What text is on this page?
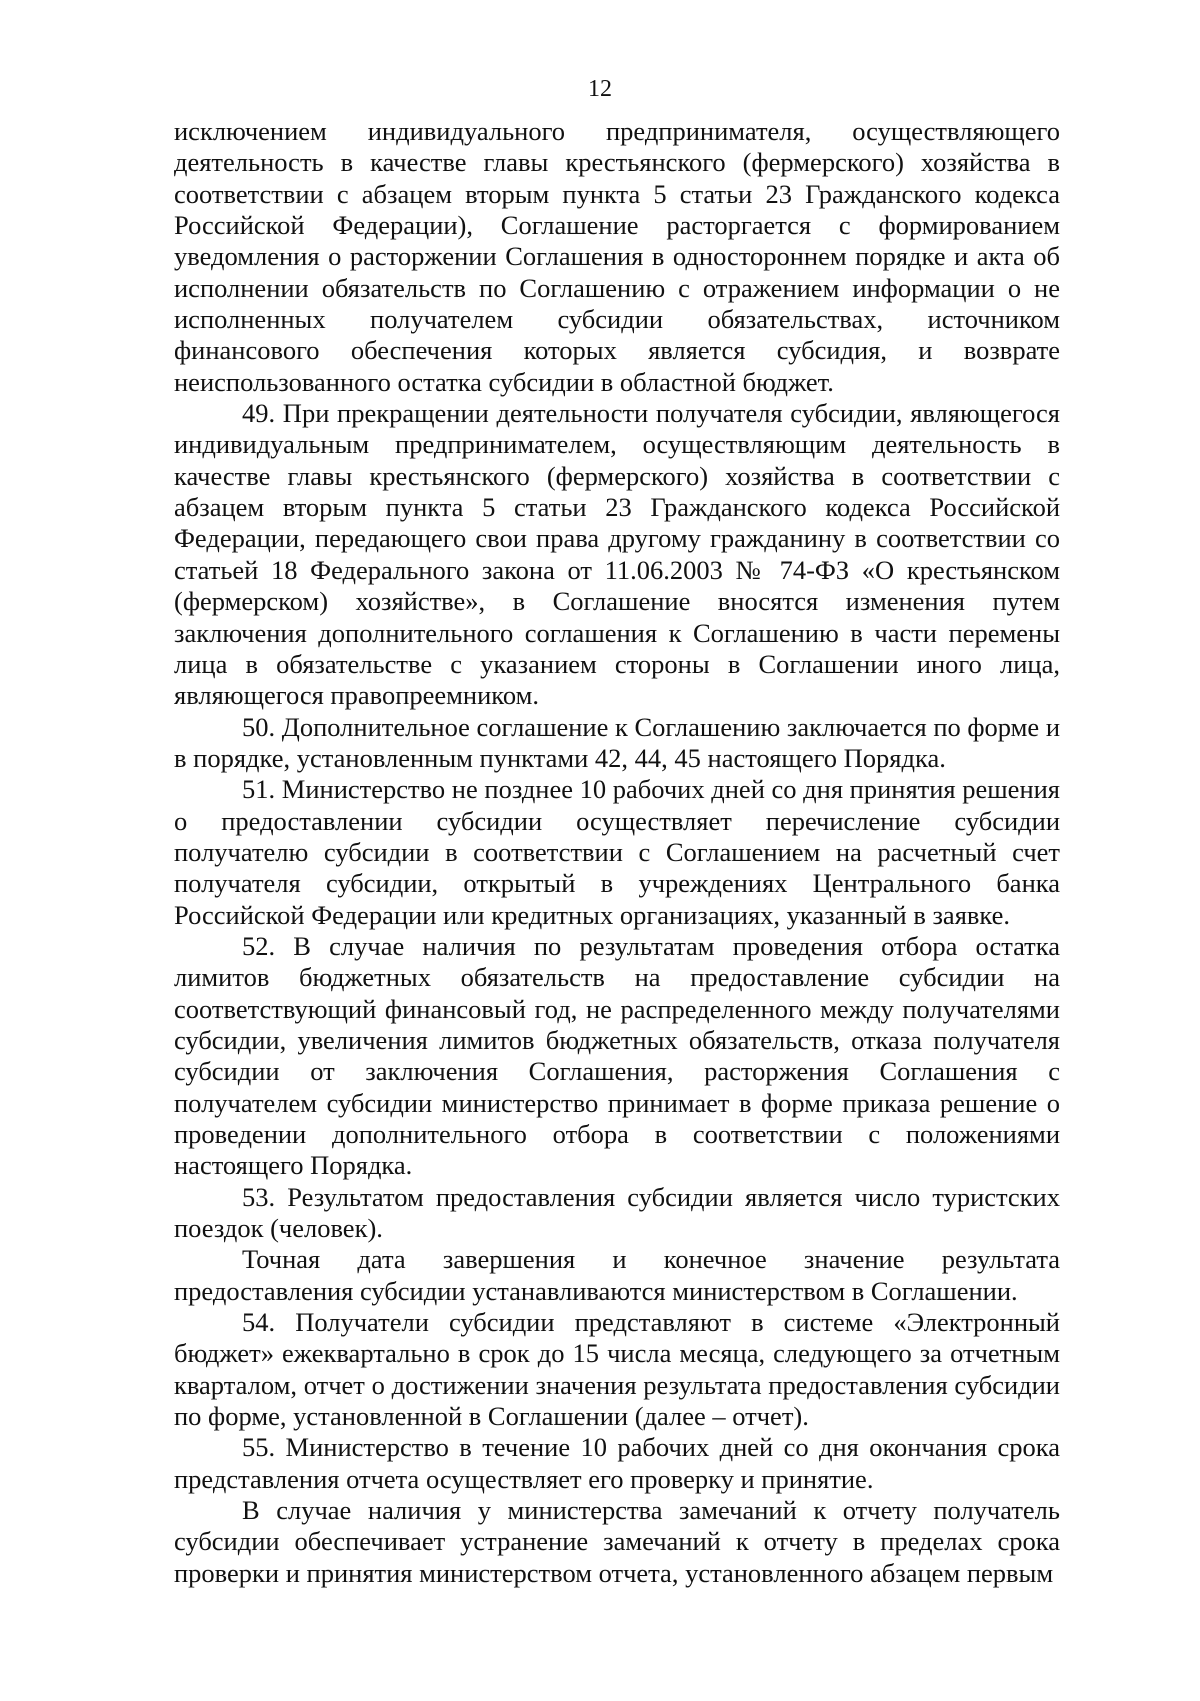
12

исключением индивидуального предпринимателя, осуществляющего деятельность в качестве главы крестьянского (фермерского) хозяйства в соответствии с абзацем вторым пункта 5 статьи 23 Гражданского кодекса Российской Федерации), Соглашение расторгается с формированием уведомления о расторжении Соглашения в одностороннем порядке и акта об исполнении обязательств по Соглашению с отражением информации о не исполненных получателем субсидии обязательствах, источником финансового обеспечения которых является субсидия, и возврате неиспользованного остатка субсидии в областной бюджет.

49. При прекращении деятельности получателя субсидии, являющегося индивидуальным предпринимателем, осуществляющим деятельность в качестве главы крестьянского (фермерского) хозяйства в соответствии с абзацем вторым пункта 5 статьи 23 Гражданского кодекса Российской Федерации, передающего свои права другому гражданину в соответствии со статьей 18 Федерального закона от 11.06.2003 № 74-ФЗ «О крестьянском (фермерском) хозяйстве», в Соглашение вносятся изменения путем заключения дополнительного соглашения к Соглашению в части перемены лица в обязательстве с указанием стороны в Соглашении иного лица, являющегося правопреемником.

50. Дополнительное соглашение к Соглашению заключается по форме и в порядке, установленным пунктами 42, 44, 45 настоящего Порядка.

51. Министерство не позднее 10 рабочих дней со дня принятия решения о предоставлении субсидии осуществляет перечисление субсидии получателю субсидии в соответствии с Соглашением на расчетный счет получателя субсидии, открытый в учреждениях Центрального банка Российской Федерации или кредитных организациях, указанный в заявке.

52. В случае наличия по результатам проведения отбора остатка лимитов бюджетных обязательств на предоставление субсидии на соответствующий финансовый год, не распределенного между получателями субсидии, увеличения лимитов бюджетных обязательств, отказа получателя субсидии от заключения Соглашения, расторжения Соглашения с получателем субсидии министерство принимает в форме приказа решение о проведении дополнительного отбора в соответствии с положениями настоящего Порядка.

53. Результатом предоставления субсидии является число туристских поездок (человек).

Точная дата завершения и конечное значение результата предоставления субсидии устанавливаются министерством в Соглашении.

54. Получатели субсидии представляют в системе «Электронный бюджет» ежеквартально в срок до 15 числа месяца, следующего за отчетным кварталом, отчет о достижении значения результата предоставления субсидии по форме, установленной в Соглашении (далее – отчет).

55. Министерство в течение 10 рабочих дней со дня окончания срока представления отчета осуществляет его проверку и принятие.

В случае наличия у министерства замечаний к отчету получатель субсидии обеспечивает устранение замечаний к отчету в пределах срока проверки и принятия министерством отчета, установленного абзацем первым
